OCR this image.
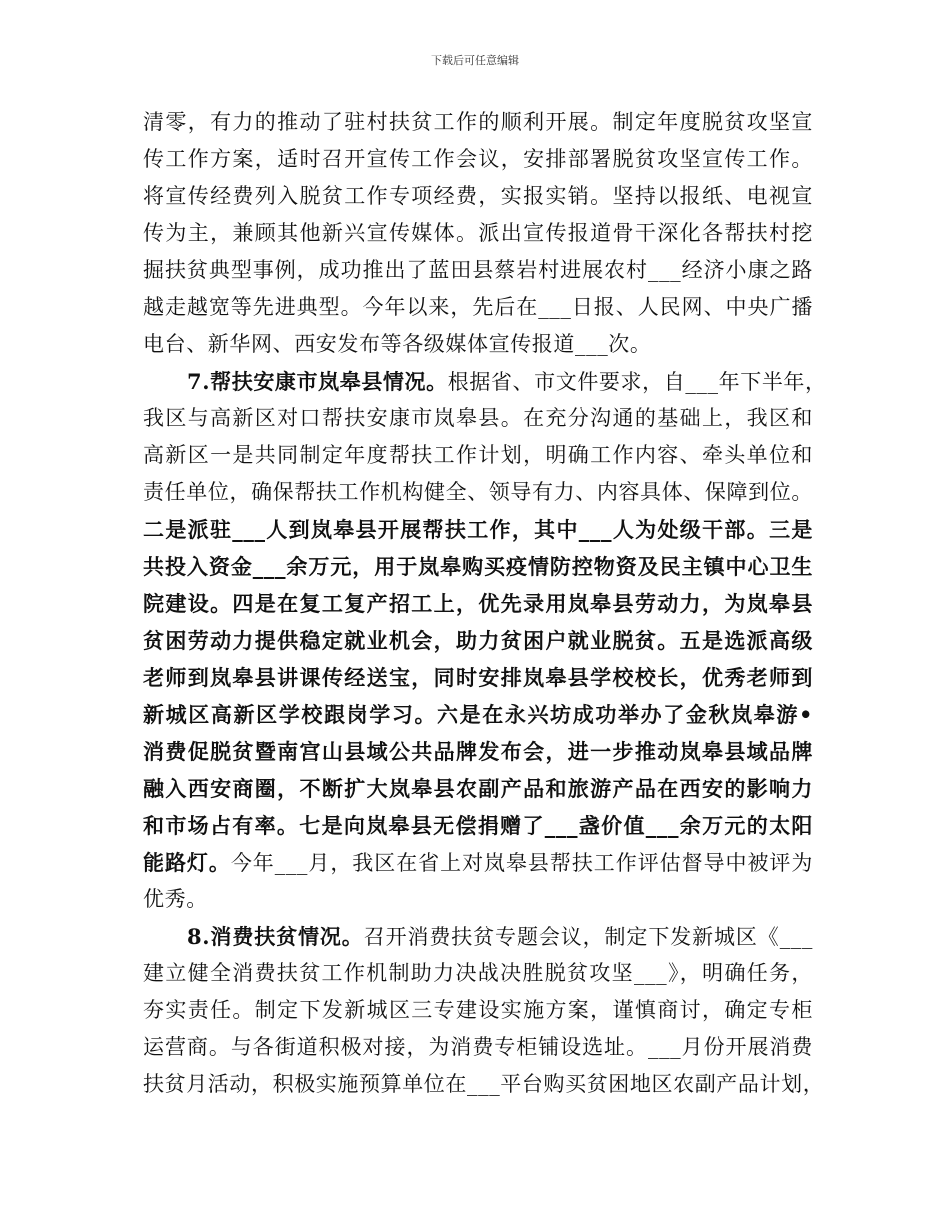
下载后可任意编辑
清零，有力的推动了驻村扶贫工作的顺利开展。制定年度脱贫攻坚宣
传工作方案，适时召开宣传工作会议，安排部署脱贫攻坚宣传工作。
将宣传经费列入脱贫工作专项经费，实报实销。坚持以报纸、电视宣
传为主，兼顾其他新兴宣传媒体。派出宣传报道骨干深化各帮扶村挖
掘扶贫典型事例，成功推出了蓝田县蔡岩村进展农村___经济小康之路
越走越宽等先进典型。今年以来，先后在___日报、人民网、中央广播
电台、新华网、西安发布等各级媒体宣传报道___次。
7.帮扶安康市岚皋县情况。根据省、市文件要求，自___年下半年，
我区与高新区对口帮扶安康市岚皋县。在充分沟通的基础上，我区和
高新区一是共同制定年度帮扶工作计划，明确工作内容、牵头单位和
责任单位，确保帮扶工作机构健全、领导有力、内容具体、保障到位。
二是派驻___人到岚皋县开展帮扶工作，其中___人为处级干部。三是
共投入资金___余万元，用于岚皋购买疫情防控物资及民主镇中心卫生
院建设。四是在复工复产招工上，优先录用岚皋县劳动力，为岚皋县
贫困劳动力提供稳定就业机会，助力贫困户就业脱贫。五是选派高级
老师到岚皋县讲课传经送宝，同时安排岚皋县学校校长，优秀老师到
新城区高新区学校跟岗学习。六是在永兴坊成功举办了金秋岚皋游•
消费促脱贫暨南宫山县域公共品牌发布会，进一步推动岚皋县域品牌
融入西安商圈，不断扩大岚皋县农副产品和旅游产品在西安的影响力
和市场占有率。七是向岚皋县无偿捐赠了___盏价值___余万元的太阳
能路灯。今年___月，我区在省上对岚皋县帮扶工作评估督导中被评为
优秀。
8.消费扶贫情况。召开消费扶贫专题会议，制定下发新城区《___
建立健全消费扶贫工作机制助力决战决胜脱贫攻坚___》，明确任务，
夯实责任。制定下发新城区三专建设实施方案，谨慎商讨，确定专柜
运营商。与各街道积极对接，为消费专柜铺设选址。___月份开展消费
扶贫月活动，积极实施预算单位在___平台购买贫困地区农副产品计划，
